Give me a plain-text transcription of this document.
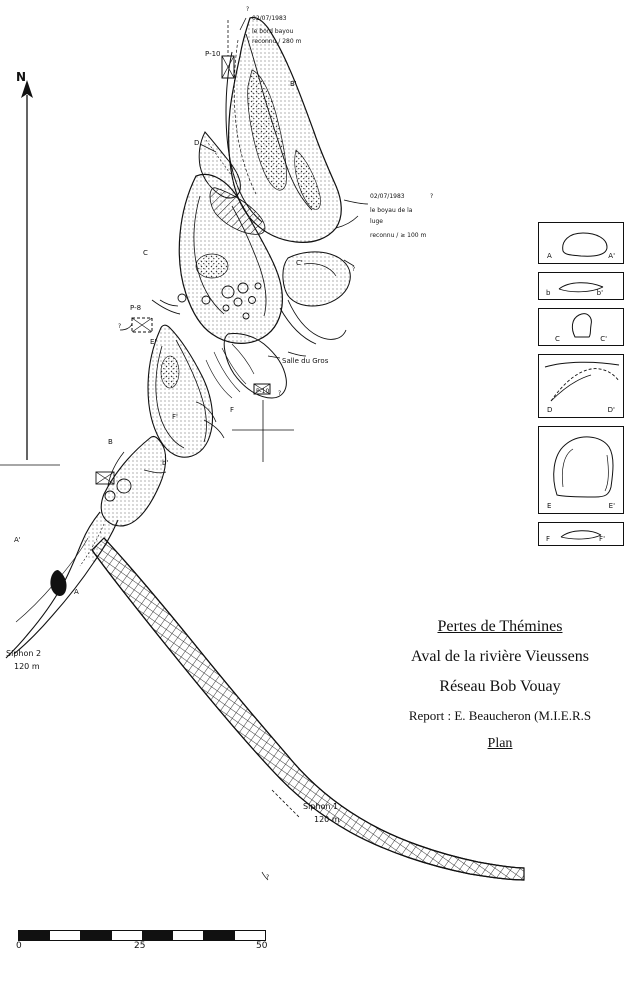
?
02/07/1983
le bord bayou
reconnu / 280 m
P-10
B'
D
02/07/1983	?
le boyau de la
luge
reconnu / ≥ 100 m
C
C'
?
P-8
?
E'
Salle du Gros
P-10 ?
F'
F
B
b'
A'
A
Siphon 2
120 m
Siphon 1
120 m
?
N
A	A'
b	b'
C	C'
D	D'
E	E'
F	F'
Pertes de Thémines
Aval de la rivière Vieussens
Réseau Bob Vouay
Report : E. Beaucheron (M.I.E.R.S
Plan
0	25	50
